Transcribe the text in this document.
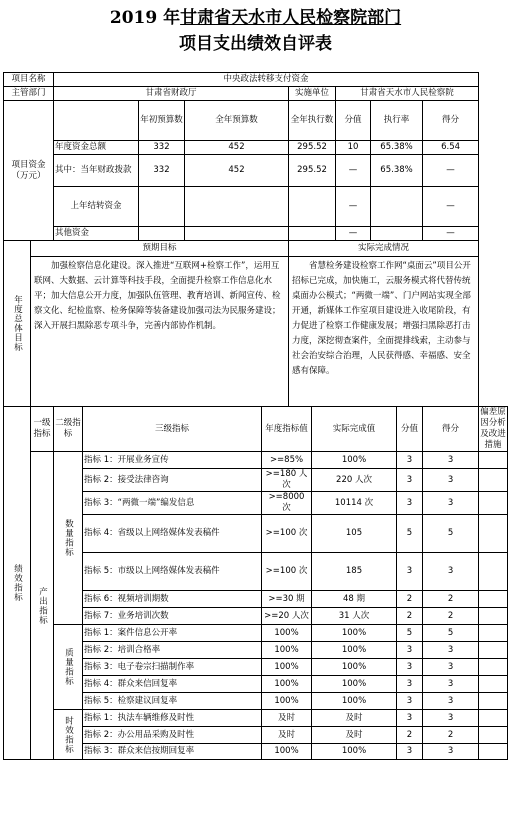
2019 年甘肃省天水市人民检察院部门
项目支出绩效自评表
项目名称		中央政法转移支付资金											
主管部门		甘肃省财政厅					实施单位		甘肃省天水市人民检察院				
项目资金（万元）				年初预算数	全年预算数		全年执行数		分值	执行率		得分	
		年度资金总额		332	452		295.52		10	65.38%		6.54	
		其中：当年财政拨款		332	452		295.52		—	65.38%		—	
		上年结转资金							—			—	
		其他资金							—			—	

年度总体目标	预期目标						实际完成情况						

	加强检察信息化建设。深入推进“互联网+检察工作”，运用互联网、大数据、云计算等科技手段，全面提升检察工作信息化水平；加大信息公开力度，加强队伍管理、教育培训、新闻宣传、检察文化、纪检监察、检务保障等装备建设加强司法为民服务建设；深入开展扫黑除恶专项斗争，完善内部协作机制。						省慧检务建设检察工作网“桌面云”项目公开招标已完成，加快施工，云服务模式将代替传统桌面办公模式；“两微一端”、门户网站实现全部开通，新媒体工作室项目建设进入收尾阶段，有力促进了检察工作健康发展；增强扫黑除恶打击力度，深挖彻查案件，全面提排线索，主动参与社会治安综合治理，人民获得感、幸福感、安全感有保障。						

绩效指标	一级指标	二级指标	三级指标			年度指标值		实际完成值			分值	得分	偏差原因分析及改进措施

	产出指标	数量指标	指标 1：开展业务宣传			>=85%		100%			3	3	
			指标 2：接受法律咨询			>=180 人次		220 人次			3	3	
			指标 3：“两微一端”编发信息			>=8000 次		10114 次			3	3	
			指标 4：省级以上网络媒体发表稿件			>=100 次		105			5	5	
			指标 5：市级以上网络媒体发表稿件			>=100 次		185			3	3	
			指标 6：视频培训期数			>=30 期		48 期			2	2	
			指标 7：业务培训次数			>=20 人次		31 人次			2	2	

		质量指标	指标 1：案件信息公开率			100%		100%			5	5	
			指标 2：培训合格率			100%		100%			3	3	
			指标 3：电子卷宗扫描制作率			100%		100%			3	3	
			指标 4：群众来信回复率			100%		100%			3	3	
			指标 5：检察建议回复率			100%		100%			3	3	

		时效指标	指标 1：执法车辆维修及时性			及时		及时			3	3	
			指标 2：办公用品采购及时性			及时		及时			2	2	
			指标 3：群众来信按期回复率			100%		100%			3	3	
